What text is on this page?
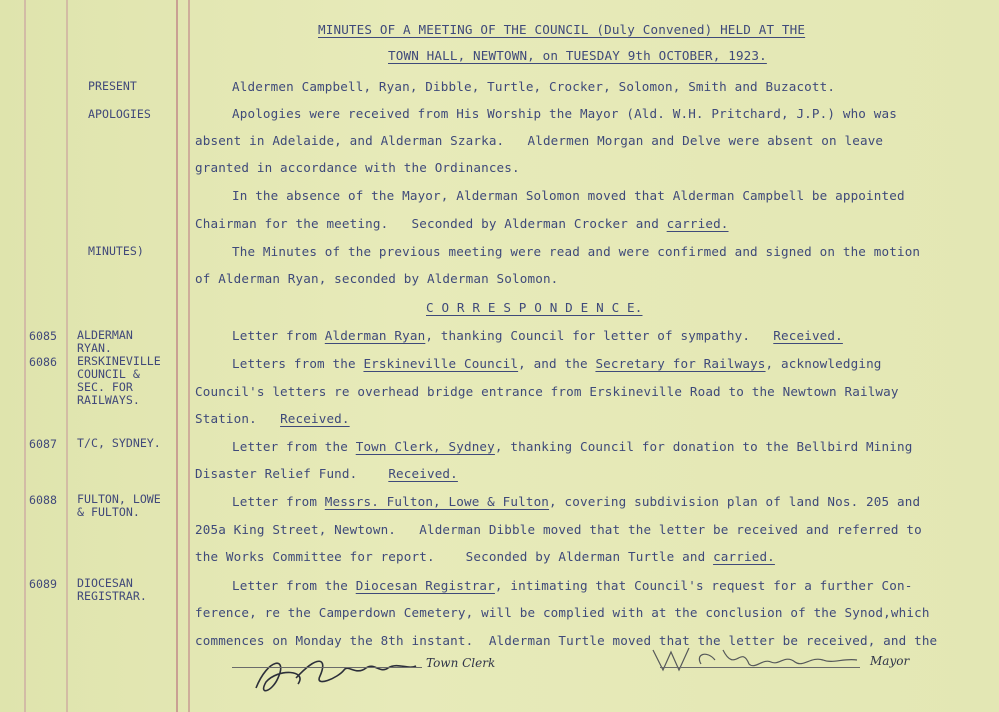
MINUTES OF A MEETING OF THE COUNCIL (Duly Convened) HELD AT THE
TOWN HALL, NEWTOWN, on TUESDAY 9th OCTOBER, 1923.
PRESENT
APOLOGIES
MINUTES)
ALDERMAN
RYAN.
ERSKINEVILLE
COUNCIL &
SEC. FOR
RAILWAYS.
T/C, SYDNEY.
FULTON, LOWE
& FULTON.
DIOCESAN
REGISTRAR.
6085
6086
6087
6088
6089
Aldermen Campbell, Ryan, Dibble, Turtle, Crocker, Solomon, Smith and Buzacott.
Apologies were received from His Worship the Mayor (Ald. W.H. Pritchard, J.P.) who was
absent in Adelaide, and Alderman Szarka.   Aldermen Morgan and Delve were absent on leave
granted in accordance with the Ordinances.
In the absence of the Mayor, Alderman Solomon moved that Alderman Campbell be appointed
Chairman for the meeting.   Seconded by Alderman Crocker and carried.
The Minutes of the previous meeting were read and were confirmed and signed on the motion
of Alderman Ryan, seconded by Alderman Solomon.
C O R R E S P O N D E N C E.
Letter from Alderman Ryan, thanking Council for letter of sympathy.   Received.
Letters from the Erskineville Council, and the Secretary for Railways, acknowledging
Council's letters re overhead bridge entrance from Erskineville Road to the Newtown Railway
Station.   Received.
Letter from the Town Clerk, Sydney, thanking Council for donation to the Bellbird Mining
Disaster Relief Fund.    Received.
Letter from Messrs. Fulton, Lowe & Fulton, covering subdivision plan of land Nos. 205 and
205a King Street, Newtown.   Alderman Dibble moved that the letter be received and referred to
the Works Committee for report.    Seconded by Alderman Turtle and carried.
Letter from the Diocesan Registrar, intimating that Council's request for a further Con-
ference, re the Camperdown Cemetery, will be complied with at the conclusion of the Synod,which
commences on Monday the 8th instant.  Alderman Turtle moved that the letter be received, and the
Town Clerk	Mayor
